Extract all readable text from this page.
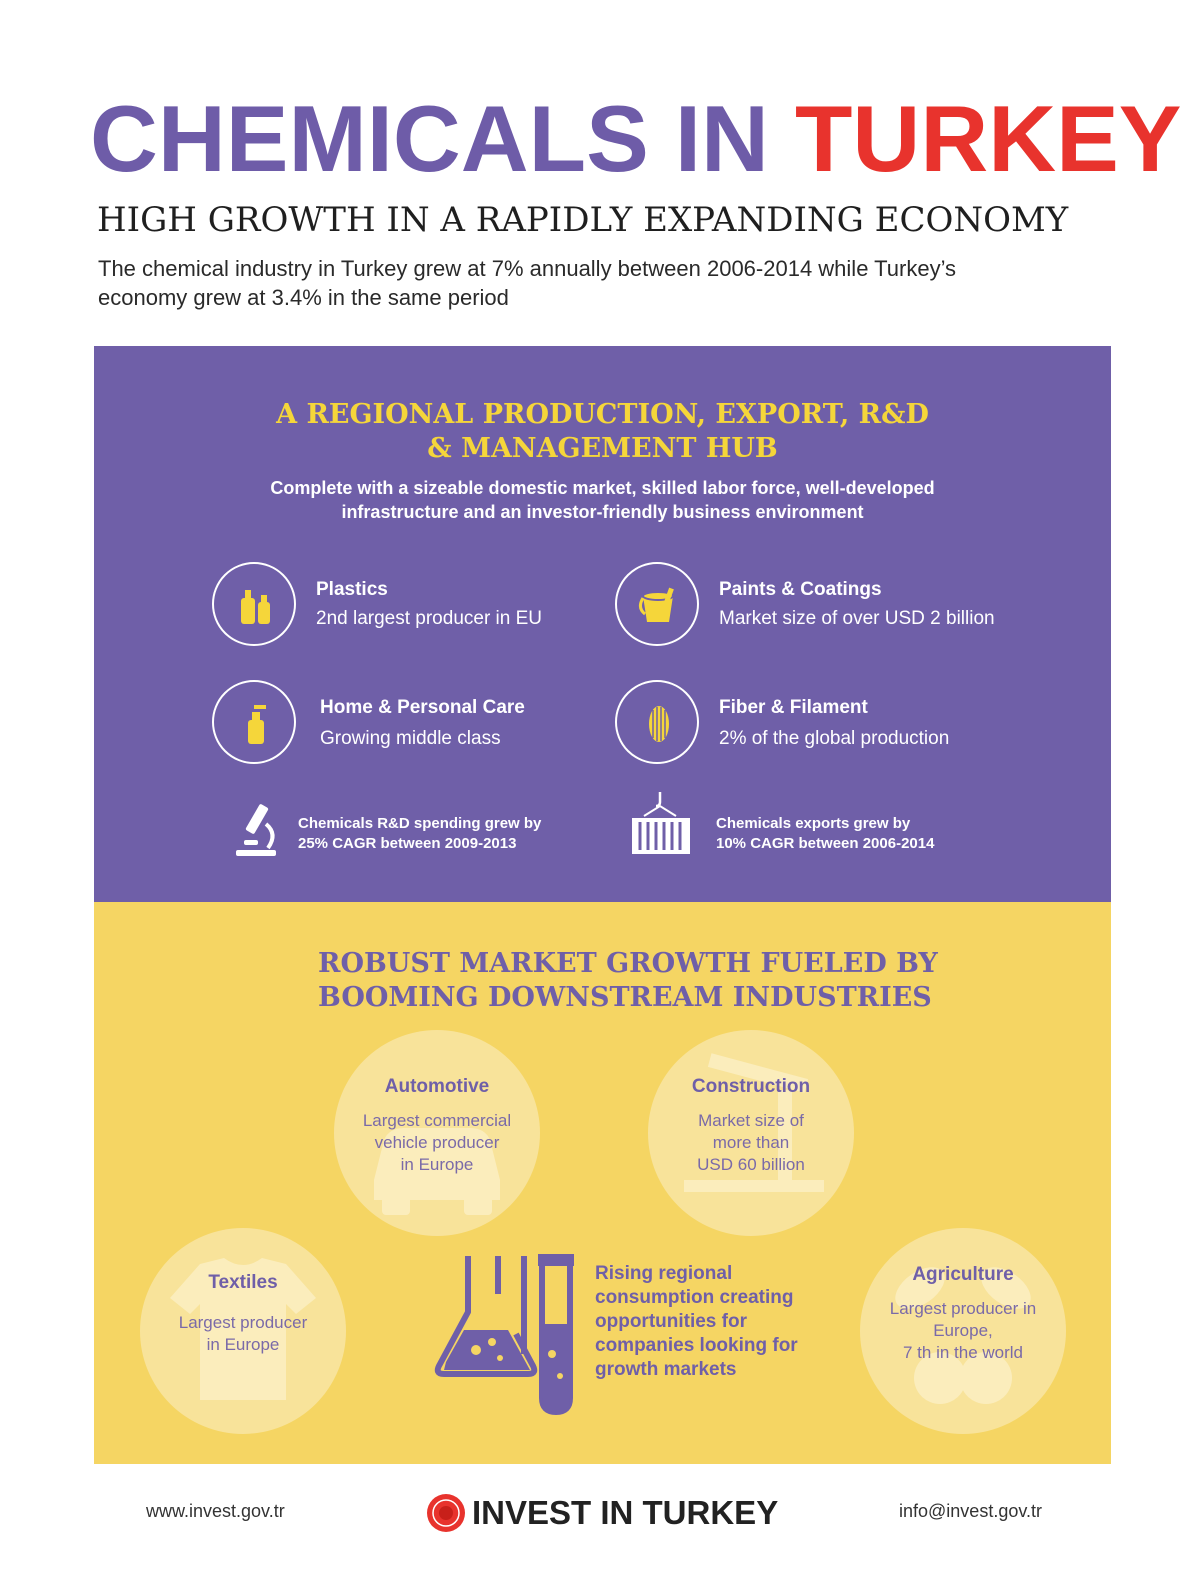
CHEMICALS IN TURKEY
HIGH GROWTH IN A RAPIDLY EXPANDING ECONOMY

The chemical industry in Turkey grew at 7% annually between 2006-2014 while Turkey’s
economy grew at 3.4% in the same period

A REGIONAL PRODUCTION, EXPORT, R&D
& MANAGEMENT HUB

Complete with a sizeable domestic market, skilled labor force, well-developed
infrastructure and an investor-friendly business environment

Plastics
2nd largest producer in EU
Paints & Coatings
Market size of over USD 2 billion
Home & Personal Care
Growing middle class
Fiber & Filament
2% of the global production
Chemicals R&D spending grew by
25% CAGR between 2009-2013
Chemicals exports grew by
10% CAGR between 2006-2014
ROBUST MARKET GROWTH FUELED BY
BOOMING DOWNSTREAM INDUSTRIES
Automotive
Largest commercial
vehicle producer
in Europe
Construction
Market size of
more than
USD 60 billion
Textiles
Largest producer
in Europe
Agriculture
Largest producer in
Europe,
7 th in the world

Rising regional
consumption creating
opportunities for
companies looking for
growth markets

www.invest.gov.tr	INVEST IN TURKEY	info@invest.gov.tr
